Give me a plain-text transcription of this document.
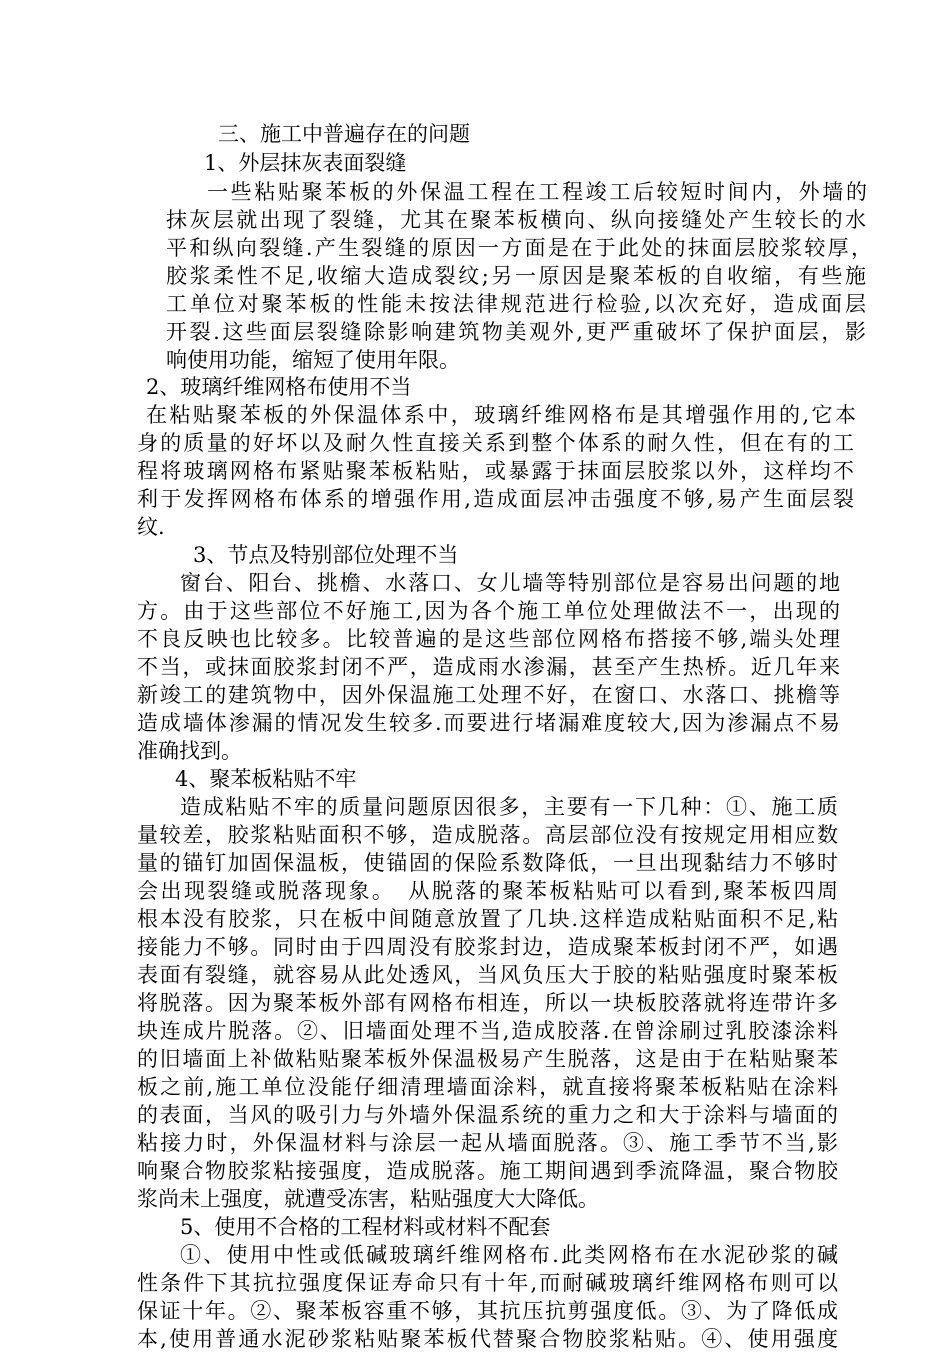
三、施工中普遍存在的问题
1、外层抹灰表面裂缝
一些粘贴聚苯板的外保温工程在工程竣工后较短时间内，外墙的
抹灰层就出现了裂缝，尤其在聚苯板横向、纵向接缝处产生较长的水
平和纵向裂缝.产生裂缝的原因一方面是在于此处的抹面层胶浆较厚，
胶浆柔性不足,收缩大造成裂纹;另一原因是聚苯板的自收缩，有些施
工单位对聚苯板的性能未按法律规范进行检验,以次充好，造成面层
开裂.这些面层裂缝除影响建筑物美观外,更严重破坏了保护面层，影
响使用功能，缩短了使用年限。
2、玻璃纤维网格布使用不当
在粘贴聚苯板的外保温体系中，玻璃纤维网格布是其增强作用的,它本
身的质量的好坏以及耐久性直接关系到整个体系的耐久性，但在有的工
程将玻璃网格布紧贴聚苯板粘贴，或暴露于抹面层胶浆以外，这样均不
利于发挥网格布体系的增强作用,造成面层冲击强度不够,易产生面层裂
纹.
3、节点及特别部位处理不当
窗台、阳台、挑檐、水落口、女儿墙等特别部位是容易出问题的地
方。由于这些部位不好施工,因为各个施工单位处理做法不一，出现的
不良反映也比较多。比较普遍的是这些部位网格布搭接不够,端头处理
不当，或抹面胶浆封闭不严，造成雨水渗漏，甚至产生热桥。近几年来
新竣工的建筑物中，因外保温施工处理不好，在窗口、水落口、挑檐等
造成墙体渗漏的情况发生较多.而要进行堵漏难度较大,因为渗漏点不易
准确找到。
4、聚苯板粘贴不牢
造成粘贴不牢的质量问题原因很多，主要有一下几种：①、施工质
量较差，胶浆粘贴面积不够，造成脱落。高层部位没有按规定用相应数
量的锚钉加固保温板，使锚固的保险系数降低，一旦出现黏结力不够时
会出现裂缝或脱落现象。　从脱落的聚苯板粘贴可以看到,聚苯板四周
根本没有胶浆，只在板中间随意放置了几块.这样造成粘贴面积不足,粘
接能力不够。同时由于四周没有胶浆封边，造成聚苯板封闭不严，如遇
表面有裂缝，就容易从此处透风，当风负压大于胶的粘贴强度时聚苯板
将脱落。因为聚苯板外部有网格布相连，所以一块板胶落就将连带许多
块连成片脱落。②、旧墙面处理不当,造成胶落.在曾涂刷过乳胶漆涂料
的旧墙面上补做粘贴聚苯板外保温极易产生脱落，这是由于在粘贴聚苯
板之前,施工单位没能仔细清理墙面涂料，就直接将聚苯板粘贴在涂料
的表面，当风的吸引力与外墙外保温系统的重力之和大于涂料与墙面的
粘接力时，外保温材料与涂层一起从墙面脱落。③、施工季节不当,影
响聚合物胶浆粘接强度，造成脱落。施工期间遇到季流降温，聚合物胶
浆尚未上强度，就遭受冻害，粘贴强度大大降低。
5、使用不合格的工程材料或材料不配套
①、使用中性或低碱玻璃纤维网格布.此类网格布在水泥砂浆的碱
性条件下其抗拉强度保证寿命只有十年,而耐碱玻璃纤维网格布则可以
保证十年。②、聚苯板容重不够，其抗压抗剪强度低。③、为了降低成
本,使用普通水泥砂浆粘贴聚苯板代替聚合物胶浆粘贴。④、使用强度
